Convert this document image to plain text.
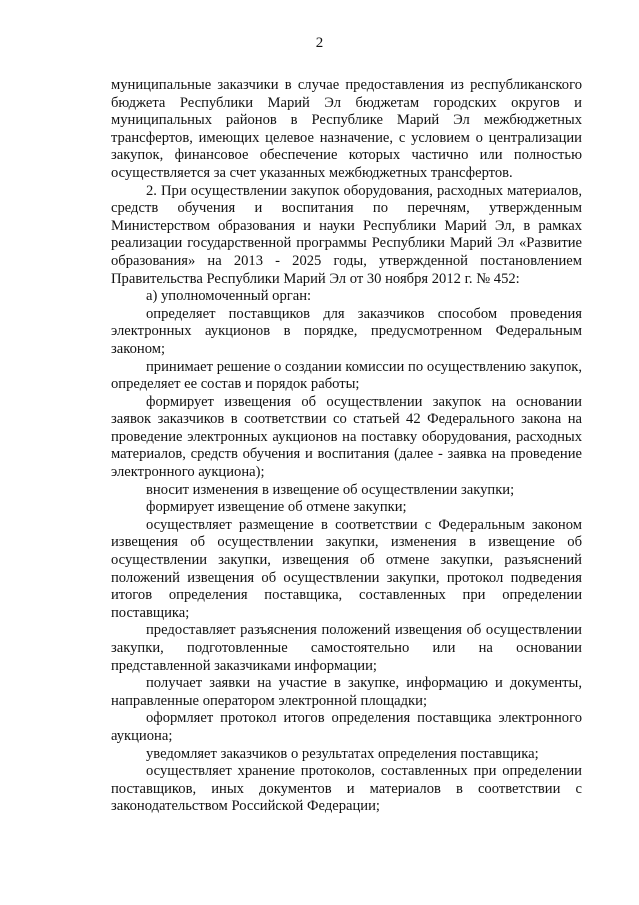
2

муниципальные заказчики в случае предоставления из республиканского бюджета Республики Марий Эл бюджетам городских округов и муниципальных районов в Республике Марий Эл межбюджетных трансфертов, имеющих целевое назначение, с условием о централизации закупок, финансовое обеспечение которых частично или полностью осуществляется за счет указанных межбюджетных трансфертов.

2. При осуществлении закупок оборудования, расходных материалов, средств обучения и воспитания по перечням, утвержденным Министерством образования и науки Республики Марий Эл, в рамках реализации государственной программы Республики Марий Эл «Развитие образования» на 2013 - 2025 годы, утвержденной постановлением Правительства Республики Марий Эл от 30 ноября 2012 г. № 452:

а) уполномоченный орган:

определяет поставщиков для заказчиков способом проведения электронных аукционов в порядке, предусмотренном Федеральным законом;

принимает решение о создании комиссии по осуществлению закупок, определяет ее состав и порядок работы;

формирует извещения об осуществлении закупок на основании заявок заказчиков в соответствии со статьей 42 Федерального закона на проведение электронных аукционов на поставку оборудования, расходных материалов, средств обучения и воспитания (далее - заявка на проведение электронного аукциона);

вносит изменения в извещение об осуществлении закупки;

формирует извещение об отмене закупки;

осуществляет размещение в соответствии с Федеральным законом извещения об осуществлении закупки, изменения в извещение об осуществлении закупки, извещения об отмене закупки, разъяснений положений извещения об осуществлении закупки, протокол подведения итогов определения поставщика, составленных при определении поставщика;

предоставляет разъяснения положений извещения об осуществлении закупки, подготовленные самостоятельно или на основании представленной заказчиками информации;

получает заявки на участие в закупке, информацию и документы, направленные оператором электронной площадки;

оформляет протокол итогов определения поставщика электронного аукциона;

уведомляет заказчиков о результатах определения поставщика;

осуществляет хранение протоколов, составленных при определении поставщиков, иных документов и материалов в соответствии с законодательством Российской Федерации;
